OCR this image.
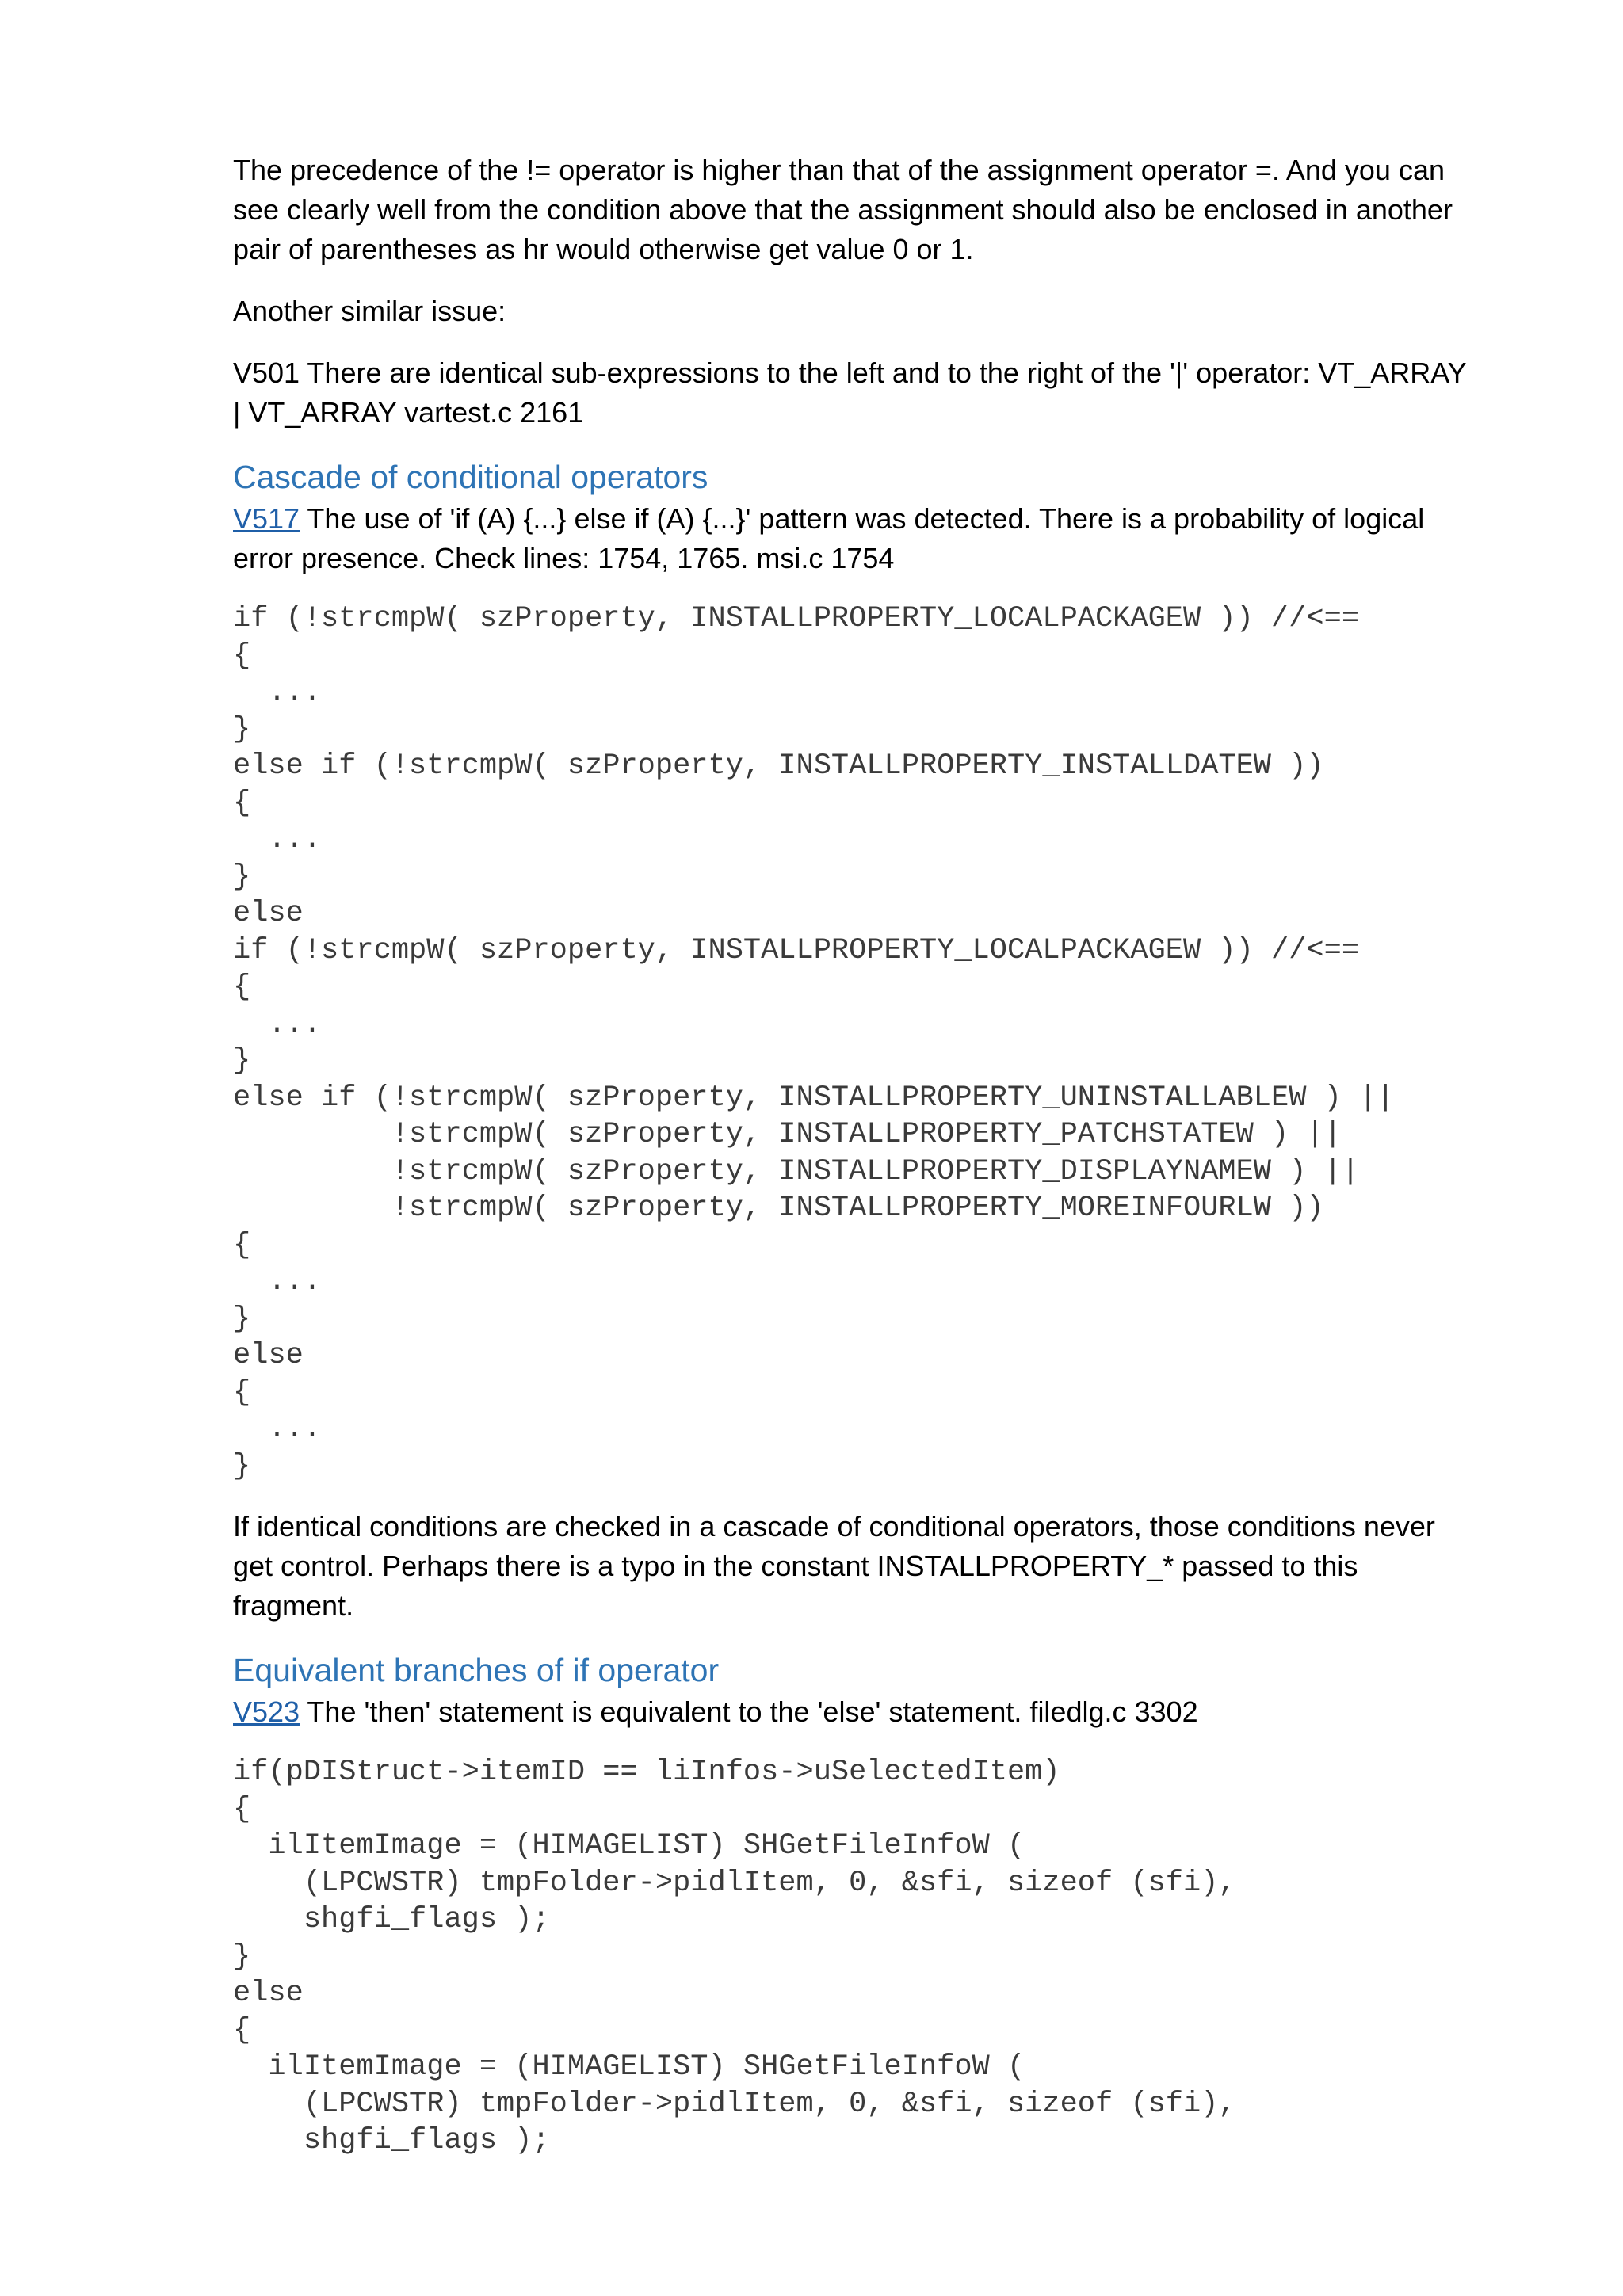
The precedence of the != operator is higher than that of the assignment operator =. And you can see clearly well from the condition above that the assignment should also be enclosed in another pair of parentheses as hr would otherwise get value 0 or 1.

Another similar issue:

V501 There are identical sub-expressions to the left and to the right of the '|' operator: VT_ARRAY | VT_ARRAY vartest.c 2161

Cascade of conditional operators

V517 The use of 'if (A) {...} else if (A) {...}' pattern was detected. There is a probability of logical error presence. Check lines: 1754, 1765. msi.c 1754

if (!strcmpW( szProperty, INSTALLPROPERTY_LOCALPACKAGEW )) //<==
{
...
}
else if (!strcmpW( szProperty, INSTALLPROPERTY_INSTALLDATEW ))
{
...
}
else
if (!strcmpW( szProperty, INSTALLPROPERTY_LOCALPACKAGEW )) //<==
{
...
}
else if (!strcmpW( szProperty, INSTALLPROPERTY_UNINSTALLABLEW ) ||
!strcmpW( szProperty, INSTALLPROPERTY_PATCHSTATEW ) ||
!strcmpW( szProperty, INSTALLPROPERTY_DISPLAYNAMEW ) ||
!strcmpW( szProperty, INSTALLPROPERTY_MOREINFOURLW ))
{
...
}
else
{
...
}

If identical conditions are checked in a cascade of conditional operators, those conditions never get control. Perhaps there is a typo in the constant INSTALLPROPERTY_* passed to this fragment.

Equivalent branches of if operator

V523 The 'then' statement is equivalent to the 'else' statement. filedlg.c 3302

if(pDIStruct->itemID == liInfos->uSelectedItem)
{
ilItemImage = (HIMAGELIST) SHGetFileInfoW (
(LPCWSTR) tmpFolder->pidlItem, 0, &sfi, sizeof (sfi),
shgfi_flags );
}
else
{
ilItemImage = (HIMAGELIST) SHGetFileInfoW (
(LPCWSTR) tmpFolder->pidlItem, 0, &sfi, sizeof (sfi),
shgfi_flags );
